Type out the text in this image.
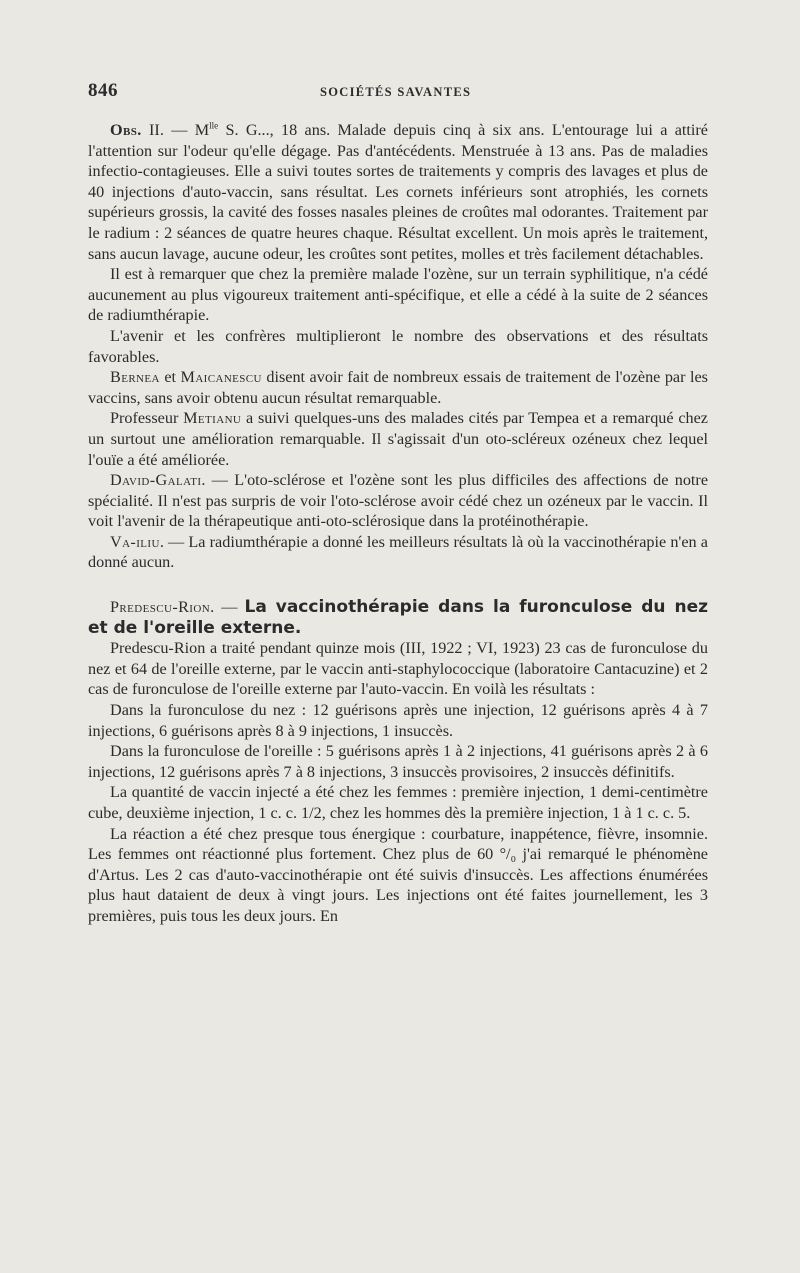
846	SOCIÉTÉS SAVANTES

Obs. II. — $M^{lle}$ S. G..., 18 ans. Malade depuis cinq à six ans. L'entourage lui a attiré l'attention sur l'odeur qu'elle dégage. Pas d'antécédents. Menstruée à 13 ans. Pas de maladies infectio-contagieuses. Elle a suivi toutes sortes de traitements y compris des lavages et plus de 40 injections d'auto-vaccin, sans résultat. Les cornets inférieurs sont atrophiés, les cornets supérieurs grossis, la cavité des fosses nasales pleines de croûtes mal odorantes. Traitement par le radium : 2 séances de quatre heures chaque. Résultat excellent. Un mois après le traitement, sans aucun lavage, aucune odeur, les croûtes sont petites, molles et très facilement détachables.

Il est à remarquer que chez la première malade l'ozène, sur un terrain syphilitique, n'a cédé aucunement au plus vigoureux traitement anti-spécifique, et elle a cédé à la suite de 2 séances de radiumthérapie.

L'avenir et les confrères multiplieront le nombre des observations et des résultats favorables.

Bernea et Maicanescu disent avoir fait de nombreux essais de traitement de l'ozène par les vaccins, sans avoir obtenu aucun résultat remarquable.

Professeur Metianu a suivi quelques-uns des malades cités par Tempea et a remarqué chez un surtout une amélioration remarquable. Il s'agissait d'un oto-scléreux ozéneux chez lequel l'ouïe a été améliorée.

David-Galati. — L'oto-sclérose et l'ozène sont les plus difficiles des affections de notre spécialité. Il n'est pas surpris de voir l'oto-sclérose avoir cédé chez un ozéneux par le vaccin. Il voit l'avenir de la thérapeutique anti-oto-sclérosique dans la protéinothérapie.

Va-iliu. — La radiumthérapie a donné les meilleurs résultats là où la vaccinothérapie n'en a donné aucun.

Predescu-Rion. — La vaccinothérapie dans la furonculose du nez et de l'oreille externe.

Predescu-Rion a traité pendant quinze mois (III, 1922 ; VI, 1923) 23 cas de furonculose du nez et 64 de l'oreille externe, par le vaccin anti-staphylococcique (laboratoire Cantacuzine) et 2 cas de furonculose de l'oreille externe par l'auto-vaccin. En voilà les résultats :

Dans la furonculose du nez : 12 guérisons après une injection, 12 guérisons après 4 à 7 injections, 6 guérisons après 8 à 9 injections, 1 insuccès.

Dans la furonculose de l'oreille : 5 guérisons après 1 à 2 injections, 41 guérisons après 2 à 6 injections, 12 guérisons après 7 à 8 injections, 3 insuccès provisoires, 2 insuccès définitifs.

La quantité de vaccin injecté a été chez les femmes : première injection, 1 demi-centimètre cube, deuxième injection, 1 c. c. 1/2, chez les hommes dès la première injection, 1 à 1 c. c. 5.

La réaction a été chez presque tous énergique : courbature, inappétence, fièvre, insomnie. Les femmes ont réactionné plus fortement. Chez plus de 60 °/₀ j'ai remarqué le phénomène d'Artus. Les 2 cas d'auto-vaccinothérapie ont été suivis d'insuccès. Les affections énumérées plus haut dataient de deux à vingt jours. Les injections ont été faites journellement, les 3 premières, puis tous les deux jours. En
